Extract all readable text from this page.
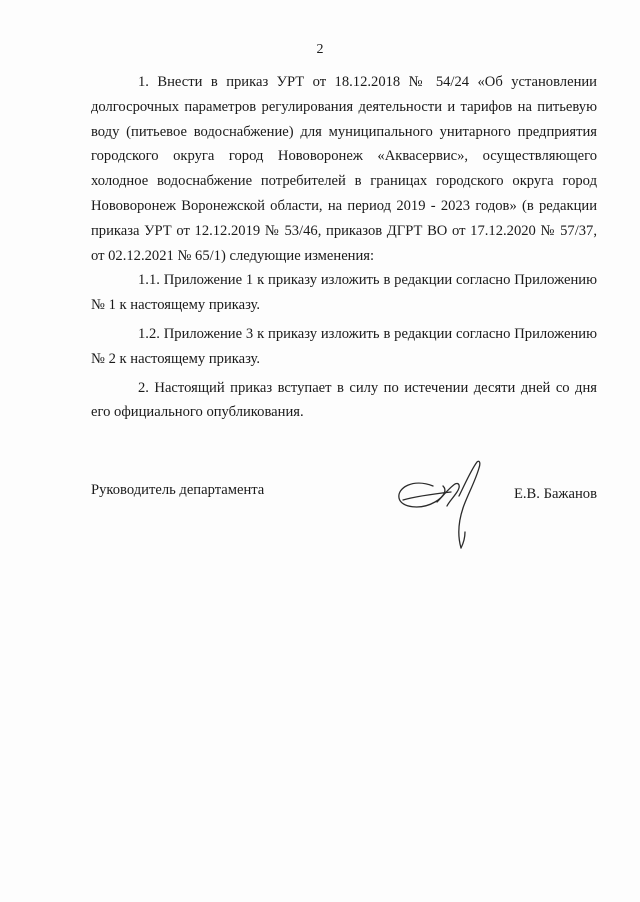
2

1. Внести в приказ УРТ от 18.12.2018 № 54/24 «Об установлении долгосрочных параметров регулирования деятельности и тарифов на питьевую воду (питьевое водоснабжение) для муниципального унитарного предприятия городского округа город Нововоронеж «Аквасервис», осуществляющего холодное водоснабжение потребителей в границах городского округа город Нововоронеж Воронежской области, на период 2019 - 2023 годов» (в редакции приказа УРТ от 12.12.2019 № 53/46, приказов ДГРТ ВО от 17.12.2020 № 57/37, от 02.12.2021 № 65/1) следующие изменения:

1.1. Приложение 1 к приказу изложить в редакции согласно Приложению № 1 к настоящему приказу.

1.2. Приложение 3 к приказу изложить в редакции согласно Приложению № 2 к настоящему приказу.

2. Настоящий приказ вступает в силу по истечении десяти дней со дня его официального опубликования.

Руководитель департамента	Е.В. Бажанов
